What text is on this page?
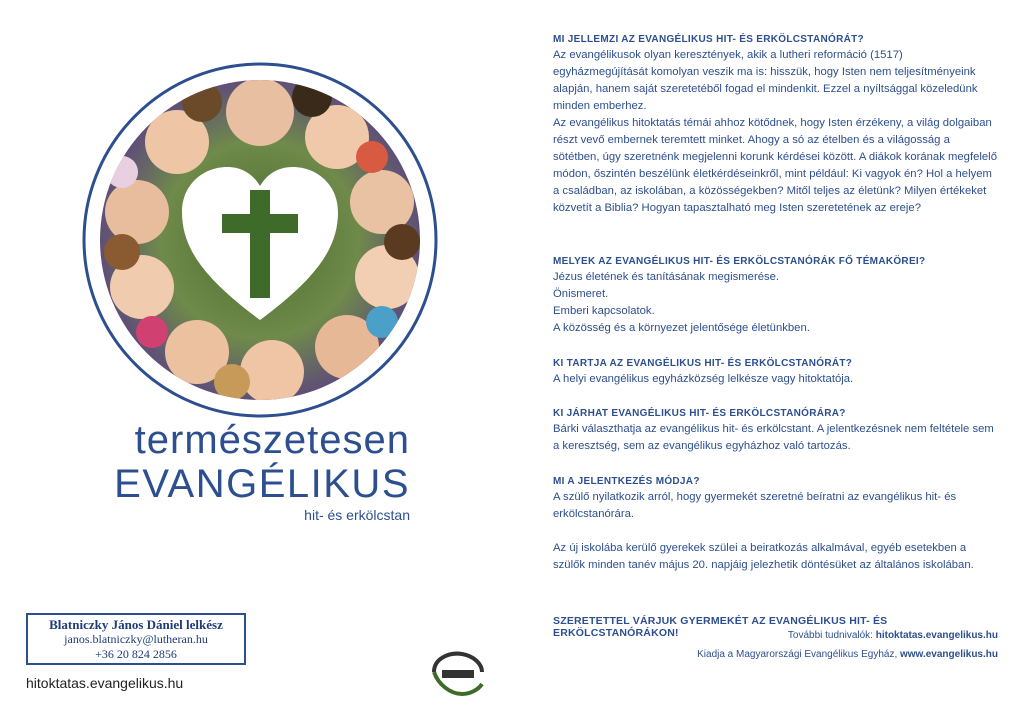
természetesen
EVANGÉLIKUS
hit- és erkölcstan
Blatniczky János Dániel lelkész
janos.blatniczky@lutheran.hu
+36 20 824 2856
hitoktatas.evangelikus.hu

MI JELLEMZI AZ EVANGÉLIKUS HIT- ÉS ERKÖLCSTANÓRÁT?

Az evangélikusok olyan keresztények, akik a lutheri reformáció (1517) egyházmegújítását komolyan veszik ma is: hisszük, hogy Isten nem teljesítményeink alapján, hanem saját szeretetéből fogad el mindenkit. Ezzel a nyíltsággal közeledünk minden emberhez.

Az evangélikus hitoktatás témái ahhoz kötődnek, hogy Isten érzékeny, a világ dolgaiban részt vevő embernek teremtett minket. Ahogy a só az ételben és a világosság a sötétben, úgy szeretnénk megjelenni korunk kérdései között. A diákok korának megfelelő módon, őszintén beszélünk életkérdéseinkről, mint például: Ki vagyok én? Hol a helyem a családban, az iskolában, a közösségekben? Mitől teljes az életünk? Milyen értékeket közvetít a Biblia? Hogyan tapasztalható meg Isten szeretetének az ereje?

MELYEK AZ EVANGÉLIKUS HIT- ÉS ERKÖLCSTANÓRÁK FŐ TÉMAKÖREI?

Jézus életének és tanításának megismerése.

Önismeret.

Emberi kapcsolatok.

A közösség és a környezet jelentősége életünkben.

KI TARTJA AZ EVANGÉLIKUS HIT- ÉS ERKÖLCSTANÓRÁT?

A helyi evangélikus egyházközség lelkésze vagy hitoktatója.

KI JÁRHAT EVANGÉLIKUS HIT- ÉS ERKÖLCSTANÓRÁRA?

Bárki választhatja az evangélikus hit- és erkölcstant. A jelentkezésnek nem feltétele sem a keresztség, sem az evangélikus egyházhoz való tartozás.

MI A JELENTKEZÉS MÓDJA?

A szülő nyilatkozik arról, hogy gyermekét szeretné beíratni az evangélikus hit- és erkölcstanórára.

Az új iskolába kerülő gyerekek szülei a beiratkozás alkalmával, egyéb esetekben a szülők minden tanév május 20. napjáig jelezhetik döntésüket az általános iskolában.

SZERETETTEL VÁRJUK GYERMEKÉT AZ EVANGÉLIKUS HIT- ÉS ERKÖLCSTANÓRÁKON!	További tudnivalók: hitoktatas.evangelikus.hu
Kiadja a Magyarországi Evangélikus Egyház, www.evangelikus.hu
